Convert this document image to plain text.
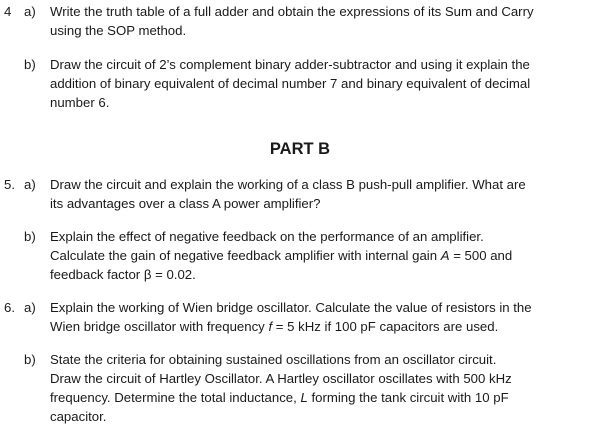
4 a) Write the truth table of a full adder and obtain the expressions of its Sum and Carry
using the SOP method.
b) Draw the circuit of 2’s complement binary adder-subtractor and using it explain the
addition of binary equivalent of decimal number 7 and binary equivalent of decimal
number 6.
PART B
5. a) Draw the circuit and explain the working of a class B push-pull amplifier. What are
its advantages over a class A power amplifier?
b) Explain the effect of negative feedback on the performance of an amplifier.
Calculate the gain of negative feedback amplifier with internal gain A = 500 and
feedback factor β = 0.02.
6. a) Explain the working of Wien bridge oscillator. Calculate the value of resistors in the
Wien bridge oscillator with frequency f = 5 kHz if 100 pF capacitors are used.
b) State the criteria for obtaining sustained oscillations from an oscillator circuit.
Draw the circuit of Hartley Oscillator. A Hartley oscillator oscillates with 500 kHz
frequency. Determine the total inductance, L forming the tank circuit with 10 pF
capacitor.
